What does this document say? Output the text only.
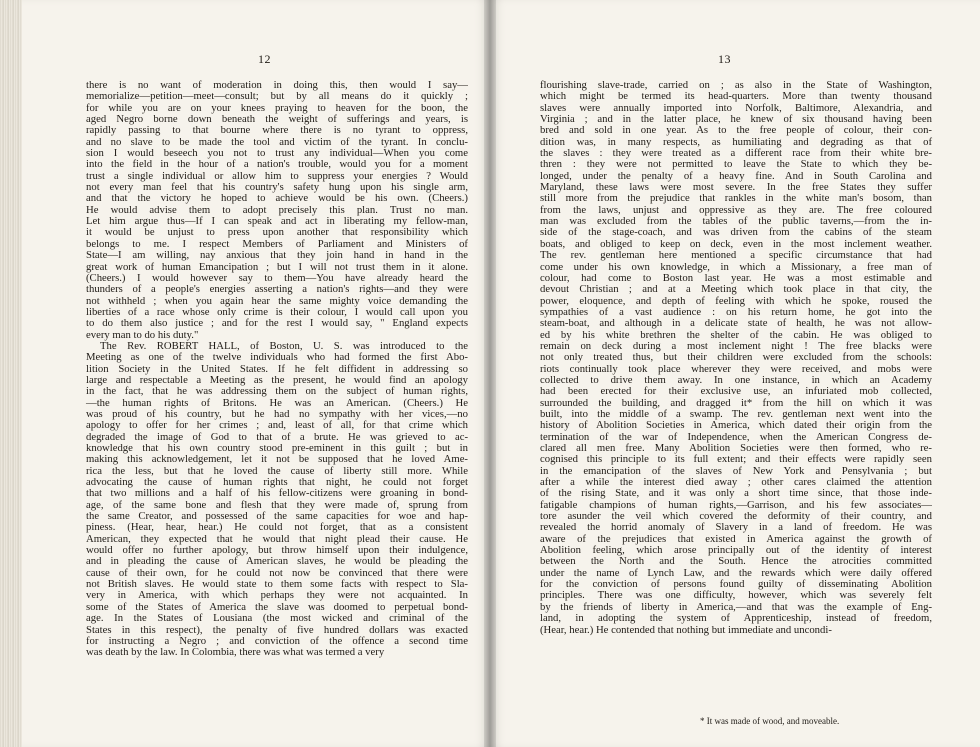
12
there is no want of moderation in doing this, then would I say—
memorialize—petition—meet—consult; but by all means do it quickly ;
for while you are on your knees praying to heaven for the boon, the
aged Negro borne down beneath the weight of sufferings and years, is
rapidly passing to that bourne where there is no tyrant to oppress,
and no slave to be made the tool and victim of the tyrant. In conclu-
sion I would beseech you not to trust any individual—When you come
into the field in the hour of a nation's trouble, would you for a moment
trust a single individual or allow him to suppress your energies ? Would
not every man feel that his country's safety hung upon his single arm,
and that the victory he hoped to achieve would be his own. (Cheers.)
He would advise them to adopt precisely this plan. Trust no man.
Let him argue thus—If I can speak and act in liberating my fellow-man,
it would be unjust to press upon another that responsibility which
belongs to me. I respect Members of Parliament and Ministers of
State—I am willing, nay anxious that they join hand in hand in the
great work of human Emancipation ; but I will not trust them in it alone.
(Cheers.) I would however say to them—You have already heard the
thunders of a people's energies asserting a nation's rights—and they were
not withheld ; when you again hear the same mighty voice demanding the
liberties of a race whose only crime is their colour, I would call upon you
to do them also justice ; and for the rest I would say, " England expects
every man to do his duty."
The Rev. ROBERT HALL, of Boston, U. S. was introduced to the
Meeting as one of the twelve individuals who had formed the first Abo-
lition Society in the United States. If he felt diffident in addressing so
large and respectable a Meeting as the present, he would find an apology
in the fact, that he was addressing them on the subject of human rights,
—the human rights of Britons. He was an American. (Cheers.) He
was proud of his country, but he had no sympathy with her vices,—no
apology to offer for her crimes ; and, least of all, for that crime which
degraded the image of God to that of a brute. He was grieved to ac-
knowledge that his own country stood pre-eminent in this guilt ; but in
making this acknowledgement, let it not be supposed that he loved Ame-
rica the less, but that he loved the cause of liberty still more. While
advocating the cause of human rights that night, he could not forget
that two millions and a half of his fellow-citizens were groaning in bond-
age, of the same bone and flesh that they were made of, sprung from
the same Creator, and possessed of the same capacities for woe and hap-
piness. (Hear, hear, hear.) He could not forget, that as a consistent
American, they expected that he would that night plead their cause. He
would offer no further apology, but throw himself upon their indulgence,
and in pleading the cause of American slaves, he would be pleading the
cause of their own, for he could not now be convinced that there were
not British slaves. He would state to them some facts with respect to Sla-
very in America, with which perhaps they were not acquainted. In
some of the States of America the slave was doomed to perpetual bond-
age. In the States of Lousiana (the most wicked and criminal of the
States in this respect), the penalty of five hundred dollars was exacted
for instructing a Negro ; and conviction of the offence a second time
was death by the law. In Colombia, there was what was termed a very
13
flourishing slave-trade, carried on ; as also in the State of Washington,
which might be termed its head-quarters. More than twenty thousand
slaves were annually imported into Norfolk, Baltimore, Alexandria, and
Virginia ; and in the latter place, he knew of six thousand having been
bred and sold in one year. As to the free people of colour, their con-
dition was, in many respects, as humiliating and degrading as that of
the slaves : they were treated as a different race from their white bre-
thren : they were not permitted to leave the State to which they be-
longed, under the penalty of a heavy fine. And in South Carolina and
Maryland, these laws were most severe. In the free States they suffer
still more from the prejudice that rankles in the white man's bosom, than
from the laws, unjust and oppressive as they are. The free coloured
man was excluded from the tables of the public taverns,—from the in-
side of the stage-coach, and was driven from the cabins of the steam
boats, and obliged to keep on deck, even in the most inclement weather.
The rev. gentleman here mentioned a specific circumstance that had
come under his own knowledge, in which a Missionary, a free man of
colour, had come to Boston last year. He was a most estimable and
devout Christian ; and at a Meeting which took place in that city, the
power, eloquence, and depth of feeling with which he spoke, roused the
sympathies of a vast audience : on his return home, he got into the
steam-boat, and although in a delicate state of health, he was not allow-
ed by his white brethren the shelter of the cabin. He was obliged to
remain on deck during a most inclement night ! The free blacks were
not only treated thus, but their children were excluded from the schools:
riots continually took place wherever they were received, and mobs were
collected to drive them away. In one instance, in which an Academy
had been erected for their exclusive use, an infuriated mob collected,
surrounded the building, and dragged it* from the hill on which it was
built, into the middle of a swamp. The rev. gentleman next went into the
history of Abolition Societies in America, which dated their origin from the
termination of the war of Independence, when the American Congress de-
clared all men free. Many Abolition Societies were then formed, who re-
cognised this principle to its full extent; and their effects were rapidly seen
in the emancipation of the slaves of New York and Pensylvania ; but
after a while the interest died away ; other cares claimed the attention
of the rising State, and it was only a short time since, that those inde-
fatigable champions of human rights,—Garrison, and his few associates—
tore asunder the veil which covered the deformity of their country, and
revealed the horrid anomaly of Slavery in a land of freedom. He was
aware of the prejudices that existed in America against the growth of
Abolition feeling, which arose principally out of the identity of interest
between the North and the South. Hence the atrocities committed
under the name of Lynch Law, and the rewards which were daily offered
for the conviction of persons found guilty of disseminating Abolition
principles. There was one difficulty, however, which was severely felt
by the friends of liberty in America,—and that was the example of Eng-
land, in adopting the system of Apprenticeship, instead of freedom,
(Hear, hear.) He contended that nothing but immediate and uncondi-
* It was made of wood, and moveable.
